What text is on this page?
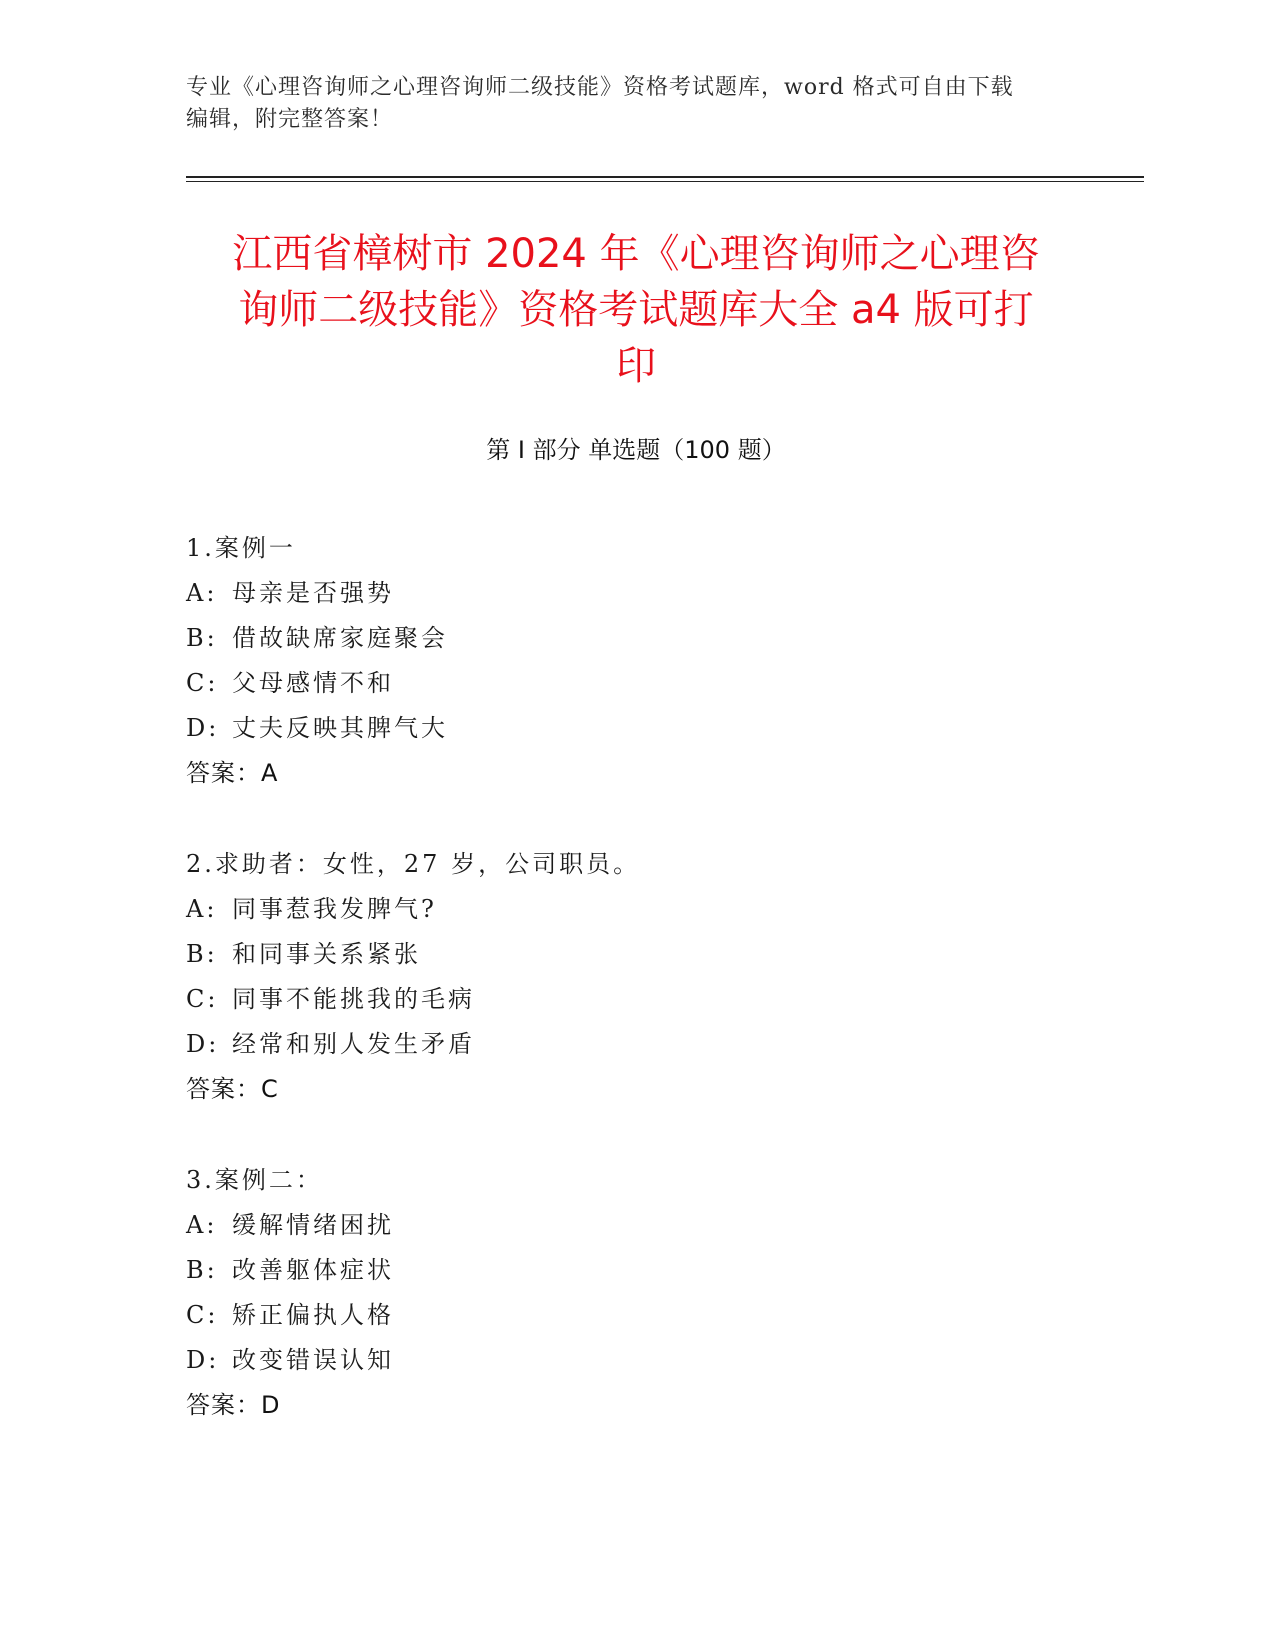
专业《心理咨询师之心理咨询师二级技能》资格考试题库，word 格式可自由下载
编辑，附完整答案！
江西省樟树市 2024 年《心理咨询师之心理咨
询师二级技能》资格考试题库大全 a4 版可打
印
第 I 部分 单选题（100 题）
1.案例一
A: 母亲是否强势
B: 借故缺席家庭聚会
C: 父母感情不和
D: 丈夫反映其脾气大
答案：A
2.求助者：女性，27 岁，公司职员。
A: 同事惹我发脾气?
B: 和同事关系紧张
C: 同事不能挑我的毛病
D: 经常和别人发生矛盾
答案：C
3.案例二：
A: 缓解情绪困扰
B: 改善躯体症状
C: 矫正偏执人格
D: 改变错误认知
答案：D
